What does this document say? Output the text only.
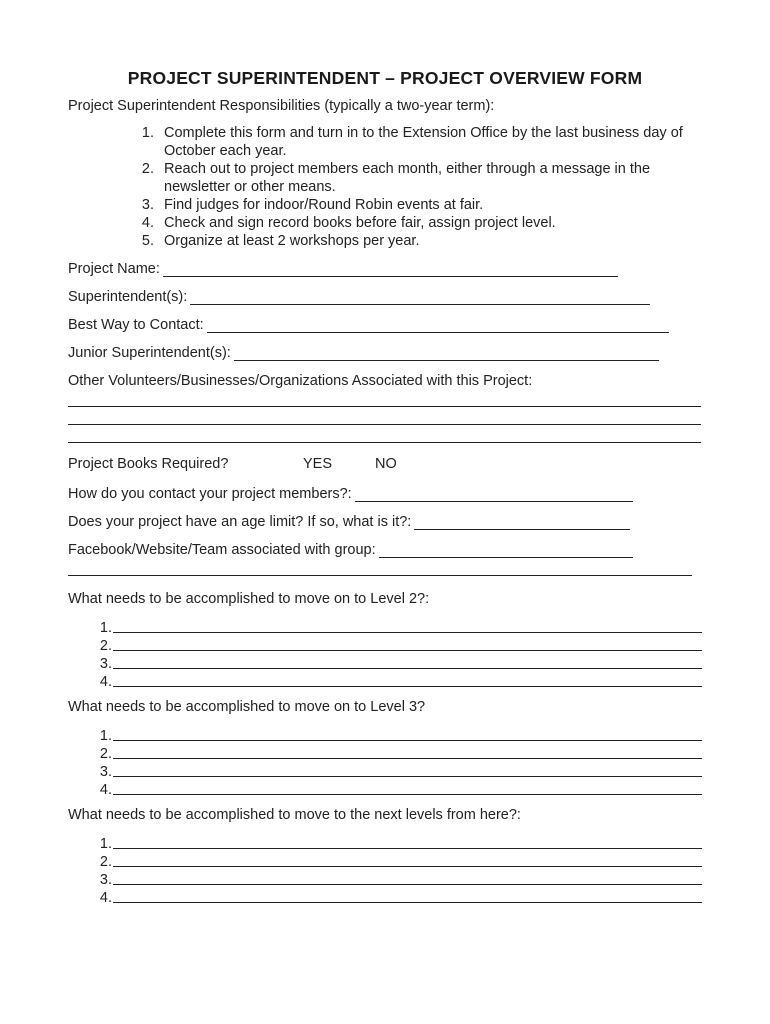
PROJECT SUPERINTENDENT – PROJECT OVERVIEW FORM
Project Superintendent Responsibilities (typically a two-year term):
1. Complete this form and turn in to the Extension Office by the last business day of October each year.
2. Reach out to project members each month, either through a message in the newsletter or other means.
3. Find judges for indoor/Round Robin events at fair.
4. Check and sign record books before fair, assign project level.
5. Organize at least 2 workshops per year.
Project Name:
Superintendent(s):
Best Way to Contact:
Junior Superintendent(s):
Other Volunteers/Businesses/Organizations Associated with this Project:
Project Books Required?	YES	NO
How do you contact your project members?:
Does your project have an age limit? If so, what is it?:
Facebook/Website/Team associated with group:
What needs to be accomplished to move on to Level 2?:
1.
2.
3.
4.
What needs to be accomplished to move on to Level 3?
1.
2.
3.
4.
What needs to be accomplished to move to the next levels from here?:
1.
2.
3.
4.
